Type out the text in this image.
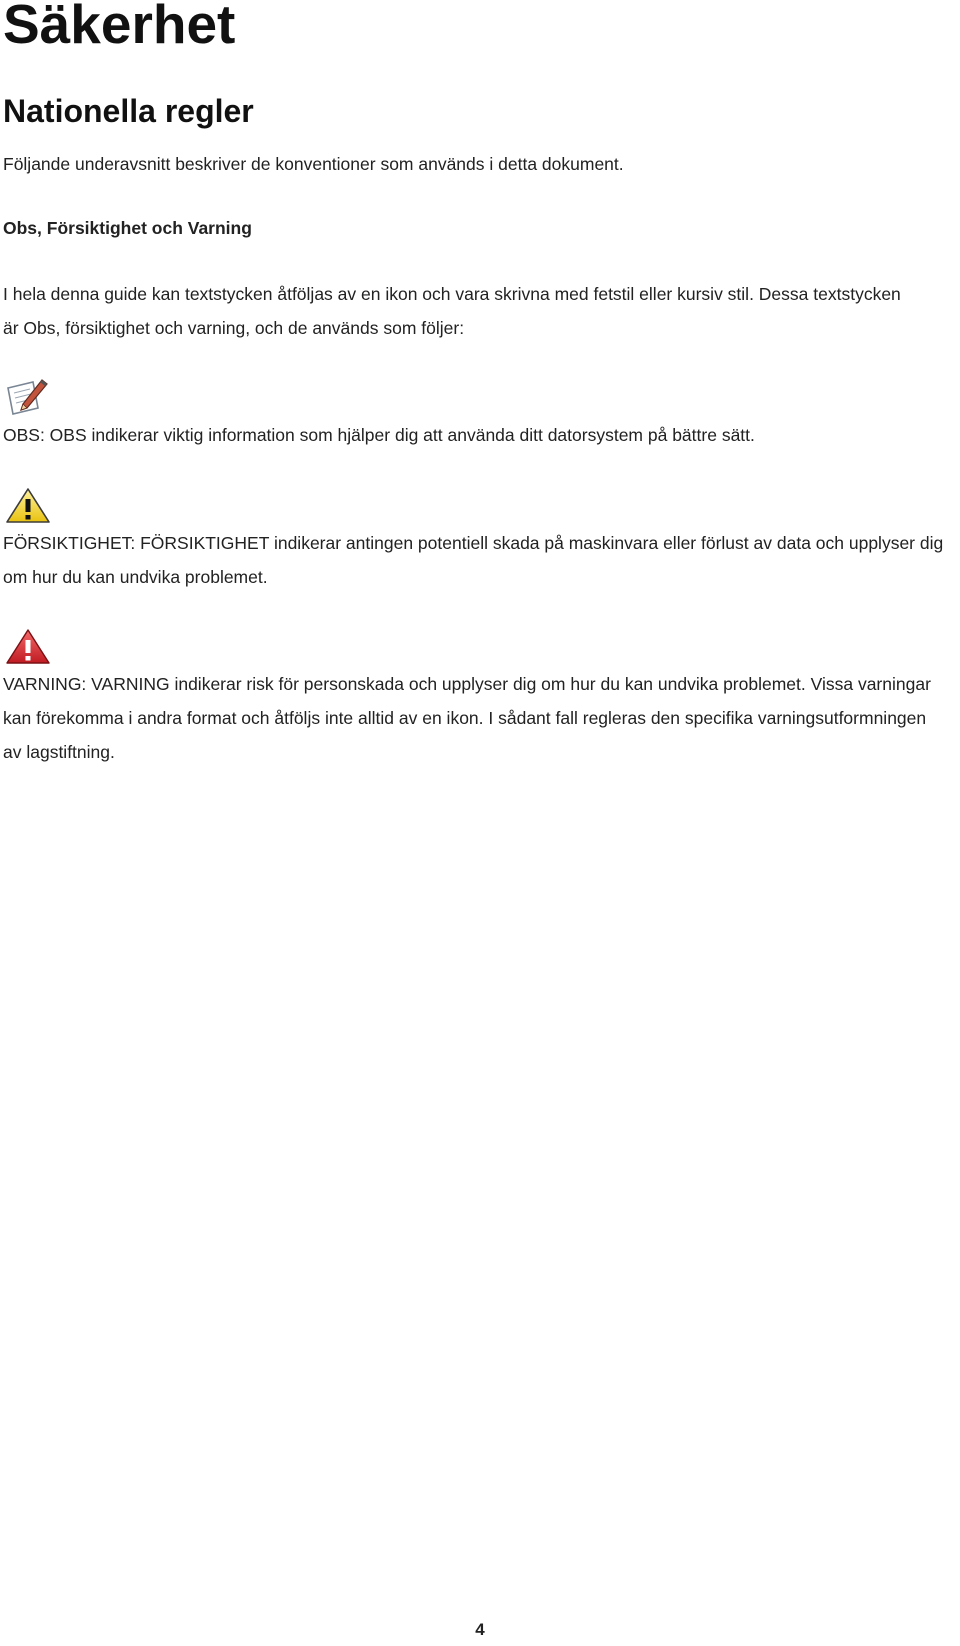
Säkerhet
Nationella regler

Följande underavsnitt beskriver de konventioner som används i detta dokument.

Obs, Försiktighet och Varning

I hela denna guide kan textstycken åtföljas av en ikon och vara skrivna med fetstil eller kursiv stil. Dessa textstycken är Obs, försiktighet och varning, och de används som följer:

OBS: OBS indikerar viktig information som hjälper dig att använda ditt datorsystem på bättre sätt.

FÖRSIKTIGHET: FÖRSIKTIGHET indikerar antingen potentiell skada på maskinvara eller förlust av data och upplyser dig om hur du kan undvika problemet.

VARNING: VARNING indikerar risk för personskada och upplyser dig om hur du kan undvika problemet. Vissa varningar kan förekomma i andra format och åtföljs inte alltid av en ikon. I sådant fall regleras den specifika varningsutformningen av lagstiftning.

4
